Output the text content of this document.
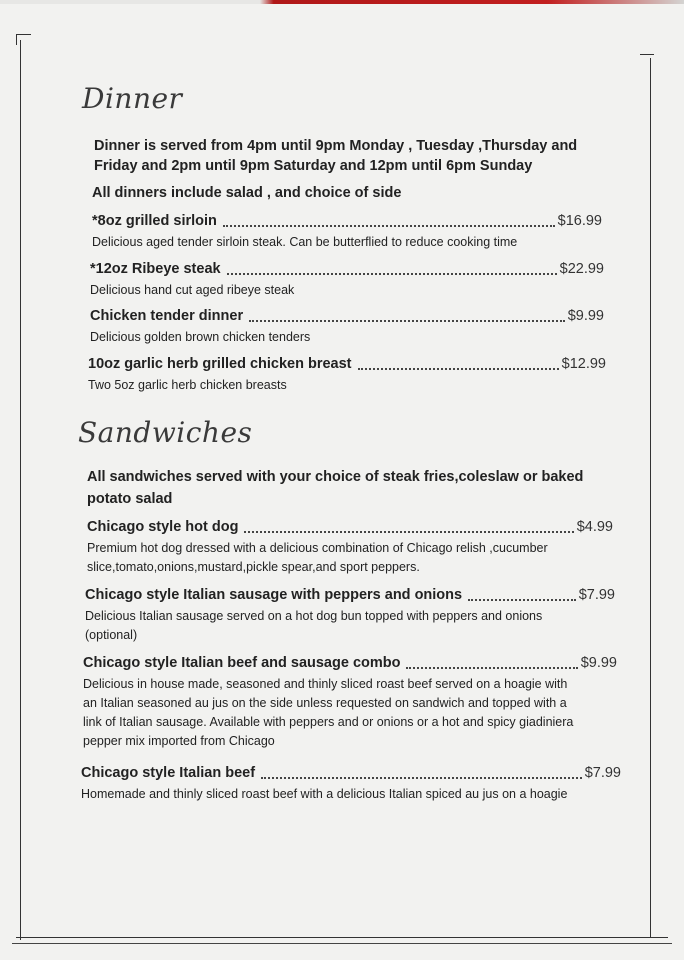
Dinner

Dinner is served from 4pm until 9pm Monday , Tuesday ,Thursday and Friday and 2pm until 9pm Saturday and 12pm until 6pm Sunday

All dinners include salad , and choice of side

*8oz grilled sirloin	$16.99

Delicious aged tender sirloin steak. Can be butterflied to reduce cooking time

*12oz Ribeye steak	$22.99

Delicious hand cut aged ribeye steak

Chicken tender dinner	$9.99

Delicious golden brown chicken tenders

10oz garlic herb grilled chicken breast	$12.99

Two 5oz garlic herb chicken breasts

Sandwiches

All sandwiches served with your choice of steak fries,coleslaw or baked potato salad

Chicago style hot dog	$4.99

Premium hot dog dressed with a delicious combination of Chicago relish ,cucumber slice,tomato,onions,mustard,pickle spear,and sport peppers.

Chicago style Italian sausage with peppers and onions	$7.99

Delicious Italian sausage served on a hot dog bun topped with peppers and onions (optional)

Chicago style Italian beef and sausage combo	$9.99

Delicious in house made, seasoned and thinly sliced roast beef served on a hoagie with an Italian seasoned au jus on the side unless requested on sandwich and topped with a link of Italian sausage. Available with peppers and or onions or a hot and spicy giadiniera pepper mix imported from Chicago

Chicago style Italian beef	$7.99

Homemade and thinly sliced roast beef with a delicious Italian spiced au jus on a hoagie
